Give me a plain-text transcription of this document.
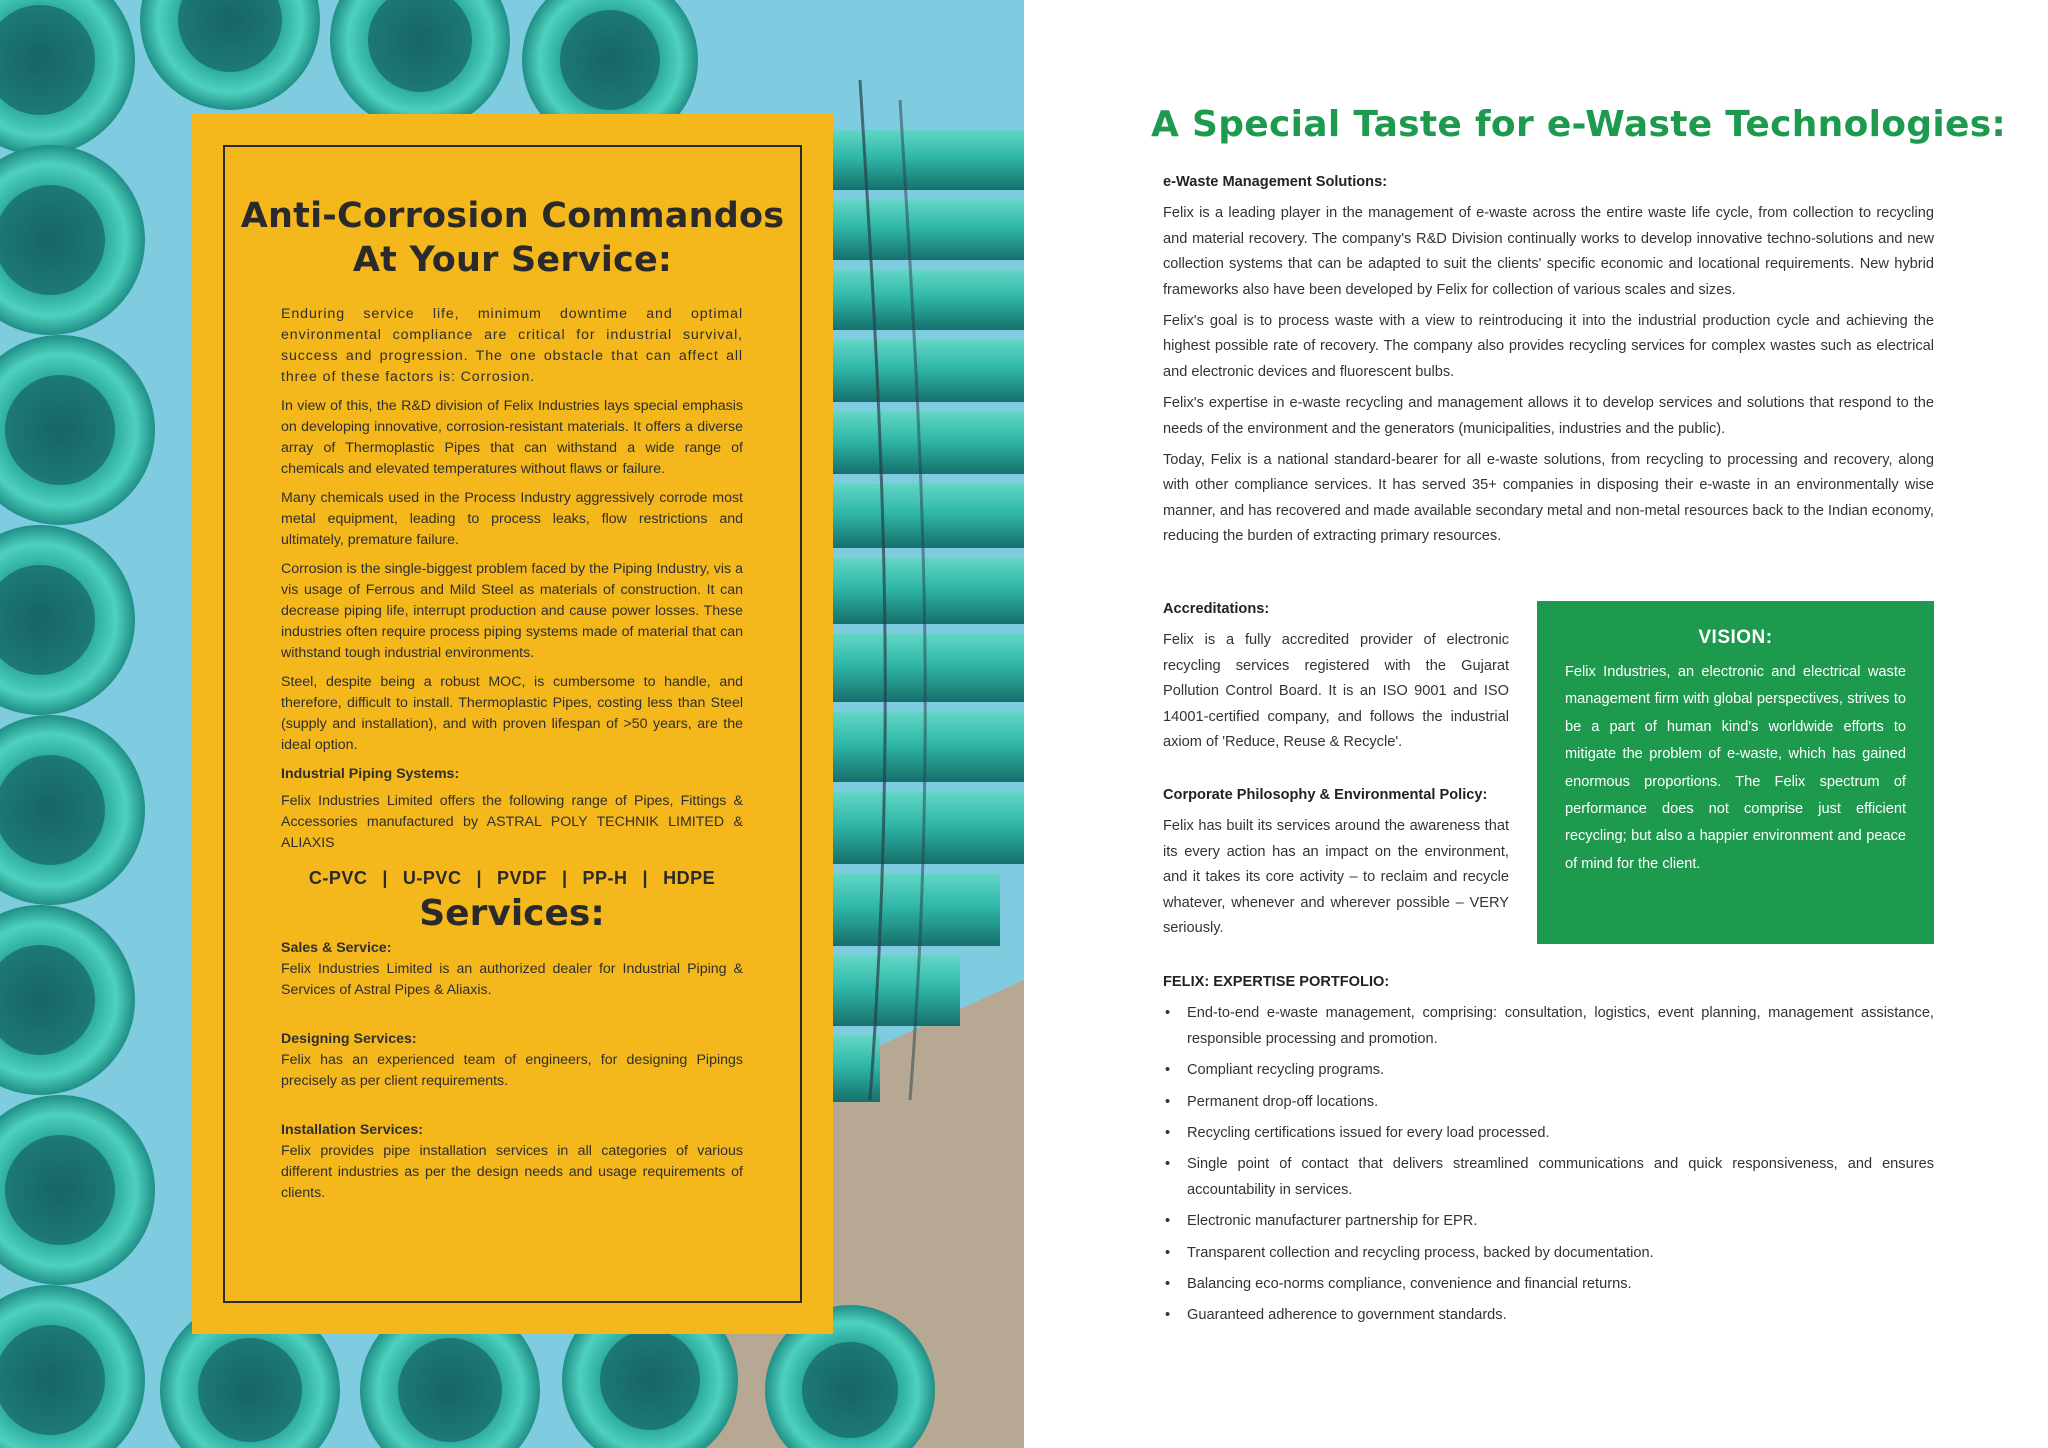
Anti-Corrosion Commandos
At Your Service:

Enduring service life, minimum downtime and optimal environmental compliance are critical for industrial survival, success and progression. The one obstacle that can affect all three of these factors is: Corrosion.

In view of this, the R&D division of Felix Industries lays special emphasis on developing innovative, corrosion-resistant materials. It offers a diverse array of Thermoplastic Pipes that can withstand a wide range of chemicals and elevated temperatures without flaws or failure.

Many chemicals used in the Process Industry aggressively corrode most metal equipment, leading to process leaks, flow restrictions and ultimately, premature failure.

Corrosion is the single-biggest problem faced by the Piping Industry, vis a vis usage of Ferrous and Mild Steel as materials of construction. It can decrease piping life, interrupt production and cause power losses. These industries often require process piping systems made of material that can withstand tough industrial environments.

Steel, despite being a robust MOC, is cumbersome to handle, and therefore, difficult to install. Thermoplastic Pipes, costing less than Steel (supply and installation), and with proven lifespan of >50 years, are the ideal option.

Industrial Piping Systems:

Felix Industries Limited offers the following range of Pipes, Fittings & Accessories manufactured by ASTRAL POLY TECHNIK LIMITED & ALIAXIS

C-PVC  |  U-PVC  |  PVDF  |  PP-H  |  HDPE
Services:
Sales & Service:
Felix Industries Limited is an authorized dealer for Industrial Piping & Services of Astral Pipes & Aliaxis.
Designing Services:
Felix has an experienced team of engineers, for designing Pipings precisely as per client requirements.
Installation Services:
Felix provides pipe installation services in all categories of various different industries as per the design needs and usage requirements of clients.
A Special Taste for e-Waste Technologies:
e-Waste Management Solutions:

Felix is a leading player in the management of e-waste across the entire waste life cycle, from collection to recycling and material recovery. The company's R&D Division continually works to develop innovative techno-solutions and new collection systems that can be adapted to suit the clients' specific economic and locational requirements. New hybrid frameworks also have been developed by Felix for collection of various scales and sizes.

Felix's goal is to process waste with a view to reintroducing it into the industrial production cycle and achieving the highest possible rate of recovery. The company also provides recycling services for complex wastes such as electrical and electronic devices and fluorescent bulbs.

Felix's expertise in e-waste recycling and management allows it to develop services and solutions that respond to the needs of the environment and the generators (municipalities, industries and the public).

Today, Felix is a national standard-bearer for all e-waste solutions, from recycling to processing and recovery, along with other compliance services. It has served 35+ companies in disposing their e-waste in an environmentally wise manner, and has recovered and made available secondary metal and non-metal resources back to the Indian economy, reducing the burden of extracting primary resources.

Accreditations:

Felix is a fully accredited provider of electronic recycling services registered with the Gujarat Pollution Control Board. It is an ISO 9001 and ISO 14001-certified company, and follows the industrial axiom of 'Reduce, Reuse & Recycle'.

Corporate Philosophy & Environmental Policy:

Felix has built its services around the awareness that its every action has an impact on the environment, and it takes its core activity – to reclaim and recycle whatever, whenever and wherever possible – VERY seriously.

VISION:
Felix Industries, an electronic and electrical waste management firm with global perspectives, strives to be a part of human kind's worldwide efforts to mitigate the problem of e-waste, which has gained enormous proportions. The Felix spectrum of performance does not comprise just efficient recycling; but also a happier environment and peace of mind for the client.
FELIX: EXPERTISE PORTFOLIO:
• End-to-end e-waste management, comprising: consultation, logistics, event planning, management assistance, responsible processing and promotion.
• Compliant recycling programs.
• Permanent drop-off locations.
• Recycling certifications issued for every load processed.
• Single point of contact that delivers streamlined communications and quick responsiveness, and ensures accountability in services.
• Electronic manufacturer partnership for EPR.
• Transparent collection and recycling process, backed by documentation.
• Balancing eco-norms compliance, convenience and financial returns.
• Guaranteed adherence to government standards.
